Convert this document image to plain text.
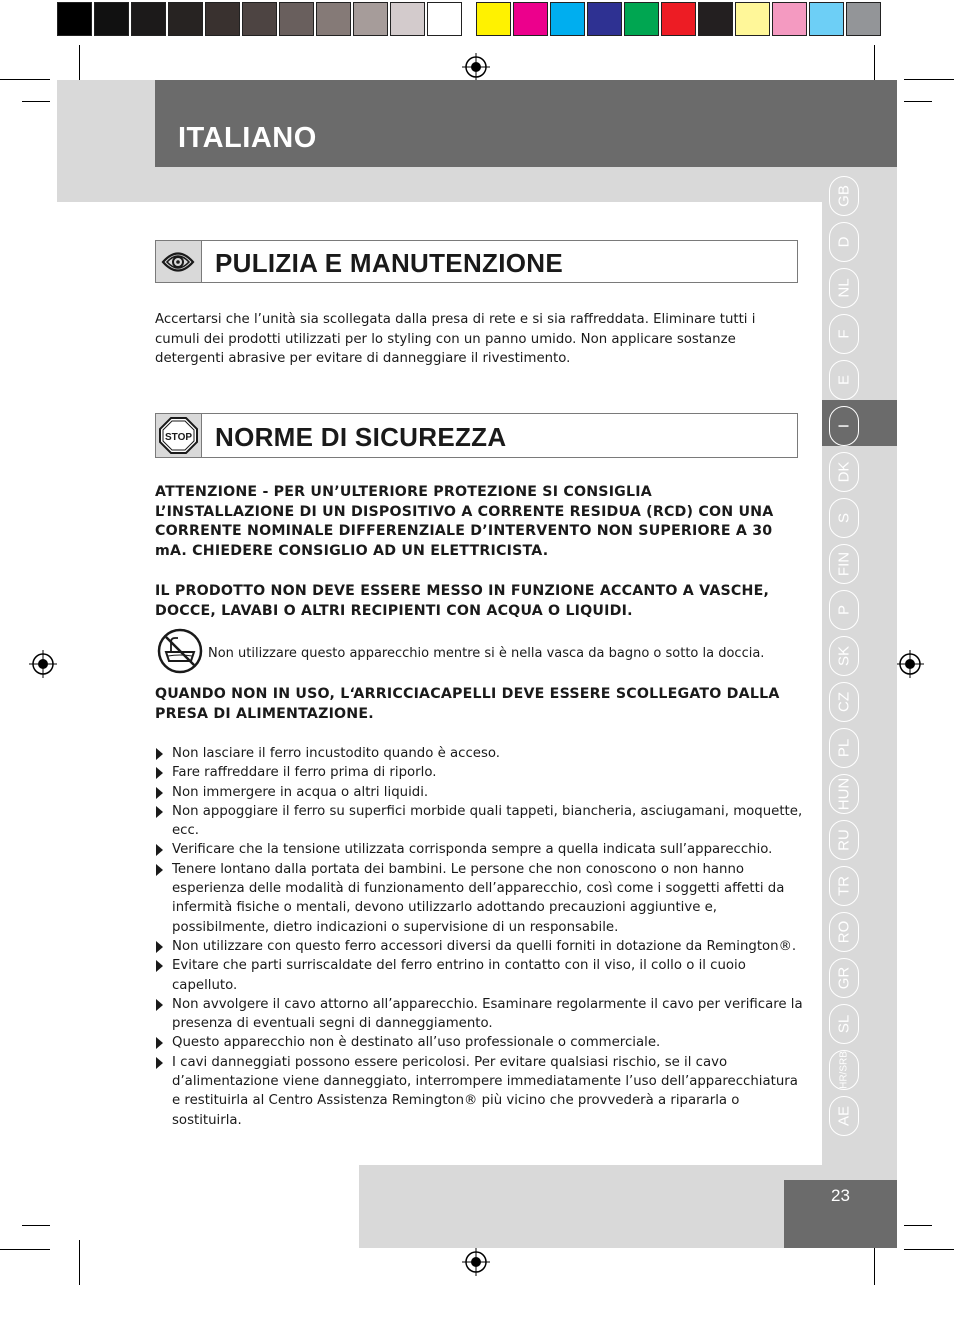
ITALIANO
GB
D
NL
F
E
I
DK
S
FIN
P
SK
CZ
PL
HUN
RU
TR
RO
GR
SL
HR/SRB
AE
PULIZIA E MANUTENZIONE
Accertarsi che l’unità sia scollegata dalla presa di rete e si sia raffreddata. Eliminare tutti i cumuli dei prodotti utilizzati per lo styling con un panno umido. Non applicare sostanze detergenti abrasive per evitare di danneggiare il rivestimento.
STOP NORME DI SICUREZZA
ATTENZIONE - PER UN’ULTERIORE PROTEZIONE SI CONSIGLIA L’INSTALLAZIONE DI UN DISPOSITIVO A CORRENTE RESIDUA (RCD) CON UNA CORRENTE NOMINALE DIFFERENZIALE D’INTERVENTO NON SUPERIORE A 30 mA. CHIEDERE CONSIGLIO AD UN ELETTRICISTA.
IL PRODOTTO NON DEVE ESSERE MESSO IN FUNZIONE ACCANTO A VASCHE, DOCCE, LAVABI O ALTRI RECIPIENTI CON ACQUA O LIQUIDI.
Non utilizzare questo apparecchio mentre si è nella vasca da bagno o sotto la doccia.
QUANDO NON IN USO, L‘ARRICCIACAPELLI DEVE ESSERE SCOLLEGATO DALLA PRESA DI ALIMENTAZIONE.
Non lasciare il ferro incustodito quando è acceso.
Fare raffreddare il ferro prima di riporlo.
Non immergere in acqua o altri liquidi.
Non appoggiare il ferro su superfici morbide quali tappeti, biancheria, asciugamani, moquette, ecc.
Verificare che la tensione utilizzata corrisponda sempre a quella indicata sull’apparecchio.
Tenere lontano dalla portata dei bambini. Le persone che non conoscono o non hanno esperienza delle modalità di funzionamento dell’apparecchio, così come i soggetti affetti da infermità fisiche o mentali, devono utilizzarlo adottando precauzioni aggiuntive e, possibilmente, dietro indicazioni o supervisione di un responsabile.
Non utilizzare con questo ferro accessori diversi da quelli forniti in dotazione da Remington®.
Evitare che parti surriscaldate del ferro entrino in contatto con il viso, il collo o il cuoio capelluto.
Non avvolgere il cavo attorno all’apparecchio. Esaminare regolarmente il cavo per verificare la presenza di eventuali segni di danneggiamento.
Questo apparecchio non è destinato all’uso professionale o commerciale.
I cavi danneggiati possono essere pericolosi. Per evitare qualsiasi rischio, se il cavo d’alimentazione viene danneggiato, interrompere immediatamente l’uso dell’apparecchiatura e restituirla al Centro Assistenza Remington® più vicino che provvederà a ripararla o sostituirla.
23
